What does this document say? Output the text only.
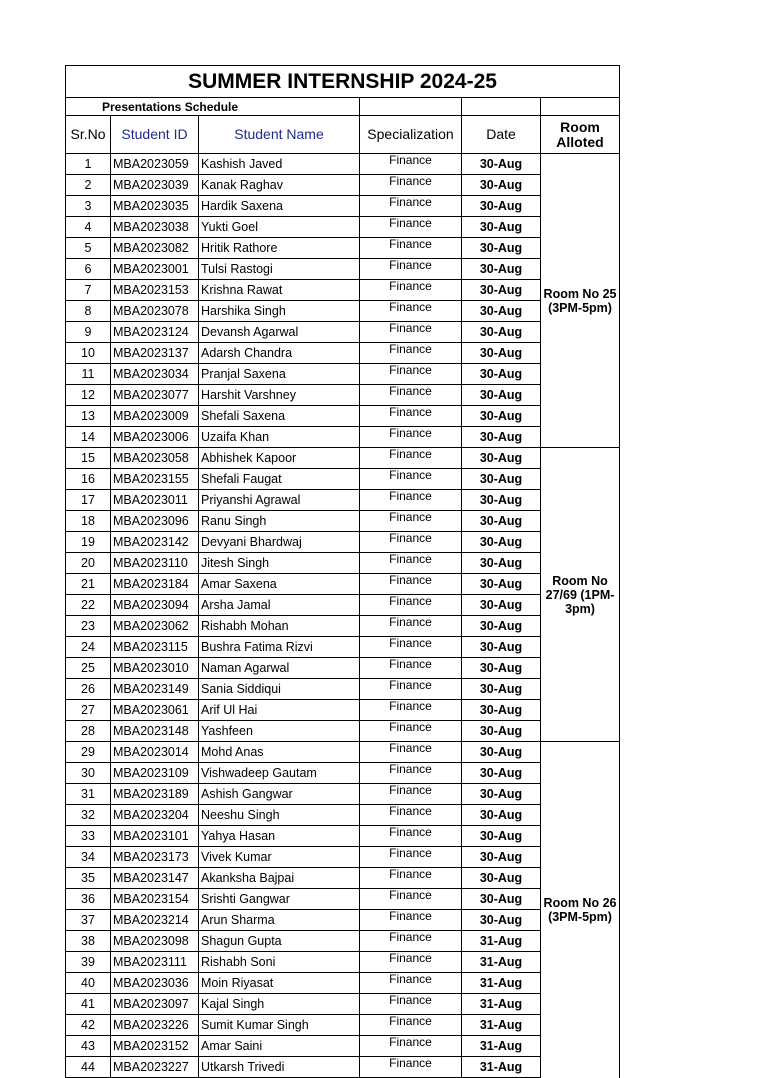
SUMMER INTERNSHIP 2024-25					
Presentations Schedule					
Sr.No	Student ID	Student Name	Specialization	Date	Room Alloted
1	MBA2023059	Kashish Javed	Finance	30-Aug	Room No 25 (3PM-5pm)
2	MBA2023039	Kanak Raghav	Finance	30-Aug	
3	MBA2023035	Hardik Saxena	Finance	30-Aug	
4	MBA2023038	Yukti Goel	Finance	30-Aug	
5	MBA2023082	Hritik Rathore	Finance	30-Aug	
6	MBA2023001	Tulsi Rastogi	Finance	30-Aug	
7	MBA2023153	Krishna Rawat	Finance	30-Aug	
8	MBA2023078	Harshika Singh	Finance	30-Aug	
9	MBA2023124	Devansh Agarwal	Finance	30-Aug	
10	MBA2023137	Adarsh Chandra	Finance	30-Aug	
11	MBA2023034	Pranjal Saxena	Finance	30-Aug	
12	MBA2023077	Harshit Varshney	Finance	30-Aug	
13	MBA2023009	Shefali Saxena	Finance	30-Aug	
14	MBA2023006	Uzaifa Khan	Finance	30-Aug	
15	MBA2023058	Abhishek Kapoor	Finance	30-Aug	Room No 27/69 (1PM-3pm)
16	MBA2023155	Shefali Faugat	Finance	30-Aug	
17	MBA2023011	Priyanshi Agrawal	Finance	30-Aug	
18	MBA2023096	Ranu Singh	Finance	30-Aug	
19	MBA2023142	Devyani Bhardwaj	Finance	30-Aug	
20	MBA2023110	Jitesh Singh	Finance	30-Aug	
21	MBA2023184	Amar Saxena	Finance	30-Aug	
22	MBA2023094	Arsha Jamal	Finance	30-Aug	
23	MBA2023062	Rishabh Mohan	Finance	30-Aug	
24	MBA2023115	Bushra Fatima Rizvi	Finance	30-Aug	
25	MBA2023010	Naman Agarwal	Finance	30-Aug	
26	MBA2023149	Sania Siddiqui	Finance	30-Aug	
27	MBA2023061	Arif Ul Hai	Finance	30-Aug	
28	MBA2023148	Yashfeen	Finance	30-Aug	
29	MBA2023014	Mohd Anas	Finance	30-Aug	Room No 26 (3PM-5pm)
30	MBA2023109	Vishwadeep Gautam	Finance	30-Aug	
31	MBA2023189	Ashish Gangwar	Finance	30-Aug	
32	MBA2023204	Neeshu Singh	Finance	30-Aug	
33	MBA2023101	Yahya Hasan	Finance	30-Aug	
34	MBA2023173	Vivek Kumar	Finance	30-Aug	
35	MBA2023147	Akanksha Bajpai	Finance	30-Aug	
36	MBA2023154	Srishti Gangwar	Finance	30-Aug	
37	MBA2023214	Arun Sharma	Finance	30-Aug	
38	MBA2023098	Shagun Gupta	Finance	31-Aug	
39	MBA2023111	Rishabh Soni	Finance	31-Aug	
40	MBA2023036	Moin Riyasat	Finance	31-Aug	
41	MBA2023097	Kajal Singh	Finance	31-Aug	
42	MBA2023226	Sumit Kumar Singh	Finance	31-Aug	
43	MBA2023152	Amar Saini	Finance	31-Aug	
44	MBA2023227	Utkarsh Trivedi	Finance	31-Aug	
